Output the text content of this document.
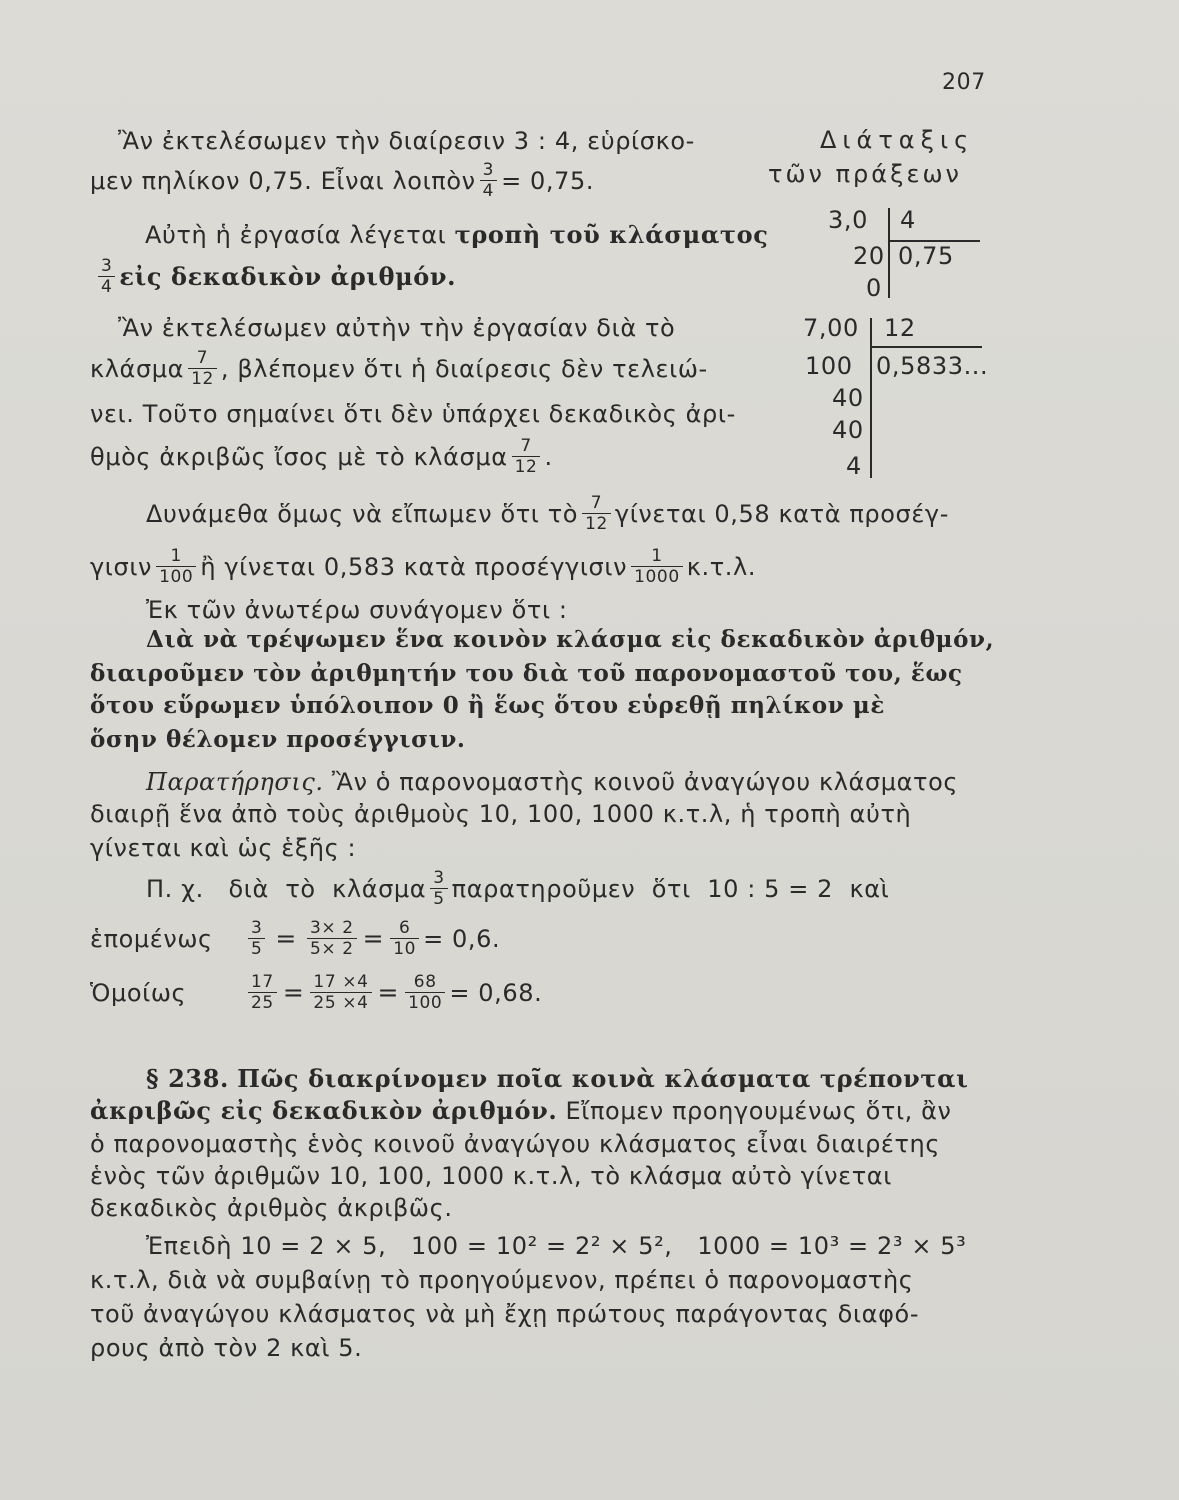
207
Διάταξις
τῶν πράξεων
Ἂν ἐκτελέσωμεν τὴν διαίρεσιν 3 : 4, εὑρίσκο-
μεν πηλίκον 0,75. Εἶναι λοιπὸν $\frac{3}{4} = 0,75$.
Αὐτὴ ἡ ἐργασία λέγεται τροπὴ τοῦ κλάσματος
$\frac{3}{4}$ εἰς δεκαδικὸν ἀριθμόν.
3,0 4
20 0,75
0
Ἂν ἐκτελέσωμεν αὐτὴν τὴν ἐργασίαν διὰ τὸ
κλάσμα $\frac{7}{12}$ , βλέπομεν ὅτι ἡ διαίρεσις δὲν τελειώ-
νει. Τοῦτο σημαίνει ὅτι δὲν ὑπάρχει δεκαδικὸς ἀρι-
θμὸς ἀκριβῶς ἴσος μὲ τὸ κλάσμα $\frac{7}{12}$ .
7,00 12
100 0,5833...
40
40
4
Δυνάμεθα ὅμως νὰ εἴπωμεν ὅτι τὸ $\frac{7}{12}$ γίνεται 0,58 κατὰ προσέγ-
γισιν $\frac{1}{100}$ ἢ γίνεται 0,583 κατὰ προσέγγισιν $\frac{1}{1000} \kappa.\tau.\lambda$.
Ἐκ τῶν ἀνωτέρω συνάγομεν ὅτι :
Διὰ νὰ τρέψωμεν ἕνα κοινὸν κλάσμα εἰς δεκαδικὸν ἀριθμόν,
διαιροῦμεν τὸν ἀριθμητήν του διὰ τοῦ παρονομαστοῦ του, ἕως
ὅτου εὕρωμεν ὑπόλοιπον 0 ἢ ἕως ὅτου εὑρεθῇ πηλίκον μὲ
ὅσην θέλομεν προσέγγισιν.
Παρατήρησις. Ἂν ὁ παρονομαστὴς κοινοῦ ἀναγώγου κλάσματος
διαιρῇ ἕνα ἀπὸ τοὺς ἀριθμοὺς 10, 100, 1000 κ.τ.λ, ἡ τροπὴ αὐτὴ
γίνεται καὶ ὡς ἑξῆς :
Π. χ.   διὰ  τὸ  κλάσμα $\frac{3}{5}$ παρατηροῦμεν  ὅτι  10 : 5 = 2  καὶ
ἑπομένως	$\frac{3}{5} = \frac{3\times 2}{5\times 2} = \frac{6}{10} = 0,6$.
Ὁμοίως	$\frac{17}{25} = \frac{17 \times 4}{25 \times 4} = \frac{68}{100} = 0,68$.
§ 238. Πῶς διακρίνομεν ποῖα κοινὰ κλάσματα τρέπονται
ἀκριβῶς εἰς δεκαδικὸν ἀριθμόν. Εἴπομεν προηγουμένως ὅτι, ἂν
ὁ παρονομαστὴς ἑνὸς κοινοῦ ἀναγώγου κλάσματος εἶναι διαιρέτης
ἑνὸς τῶν ἀριθμῶν 10, 100, 1000 κ.τ.λ, τὸ κλάσμα αὐτὸ γίνεται
δεκαδικὸς ἀριθμὸς ἀκριβῶς.
Ἐπειδὴ 10 = 2 × 5,   100 = 10² = 2² × 5²,   1000 = 10³ = 2³ × 5³
κ.τ.λ, διὰ νὰ συμβαίνῃ τὸ προηγούμενον, πρέπει ὁ παρονομαστὴς
τοῦ ἀναγώγου κλάσματος νὰ μὴ ἔχῃ πρώτους παράγοντας διαφό-
ρους ἀπὸ τὸν 2 καὶ 5.
